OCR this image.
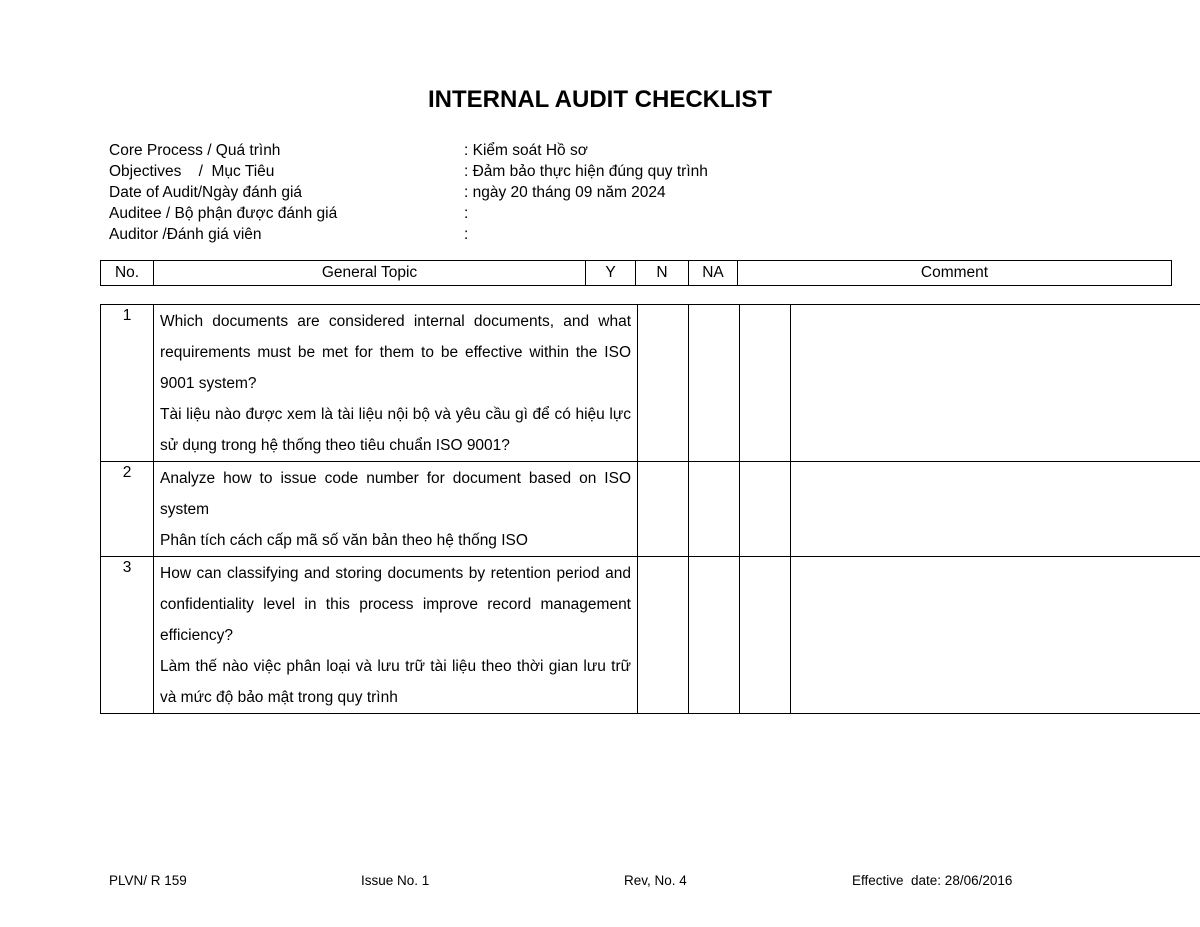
INTERNAL AUDIT CHECKLIST
Core Process / Quá trình	: Kiểm soát Hồ sơ
Objectives    /  Mục Tiêu	: Đảm bảo thực hiện đúng quy trình
Date of Audit/Ngày đánh giá	: ngày 20 tháng 09 năm 2024
Auditee / Bộ phận được đánh giá	:
Auditor /Đánh giá viên	:
No.	General Topic	Y	N	NA	Comment
1	Which documents are considered internal documents, and what requirements must be met for them to be effective within the ISO 9001 system?
Tài liệu nào được xem là tài liệu nội bộ và yêu cầu gì để có hiệu lực sử dụng trong hệ thống theo tiêu chuẩn ISO 9001?				

2	Analyze how to issue code number for document based on ISO system
Phân tích cách cấp mã số văn bản theo hệ thống ISO				

3	How can classifying and storing documents by retention period and confidentiality level in this process improve record management efficiency?
Làm thế nào việc phân loại và lưu trữ tài liệu theo thời gian lưu trữ và mức độ bảo mật trong quy trình				

PLVN/ R 159	Issue No. 1	Rev, No. 4	Effective  date: 28/06/2016
